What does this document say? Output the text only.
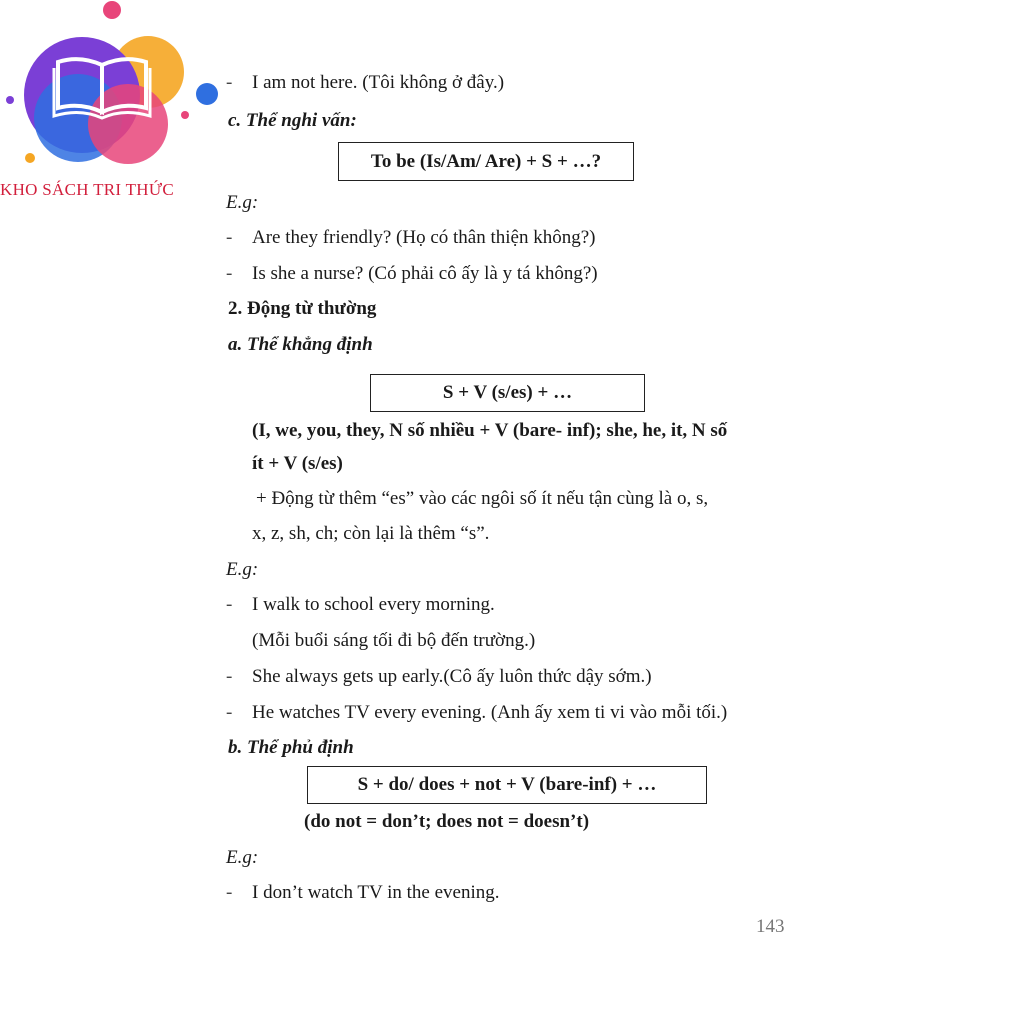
KHO SÁCH TRI THỨC
- I am not here. (Tôi không ở đây.)
c. Thể nghi vấn:
To be (Is/Am/ Are) + S + …?
E.g:
- Are they friendly? (Họ có thân thiện không?)
- Is she a nurse? (Có phải cô ấy là y tá không?)
2. Động từ thường
a. Thể khẳng định
S + V (s/es) + …
(I, we, you, they, N số nhiều + V (bare- inf); she, he, it, N số
ít + V (s/es)
+ Động từ thêm “es” vào các ngôi số ít nếu tận cùng là o, s,
x, z, sh, ch; còn lại là thêm “s”.
E.g:
- I walk to school every morning.
(Mỗi buổi sáng tối đi bộ đến trường.)
- She always gets up early.(Cô ấy luôn thức dậy sớm.)
- He watches TV every evening. (Anh ấy xem ti vi vào mỗi tối.)
b. Thể phủ định
S + do/ does + not + V (bare-inf) + …
(do not = don’t; does not = doesn’t)
E.g:
- I don’t watch TV in the evening.
143
